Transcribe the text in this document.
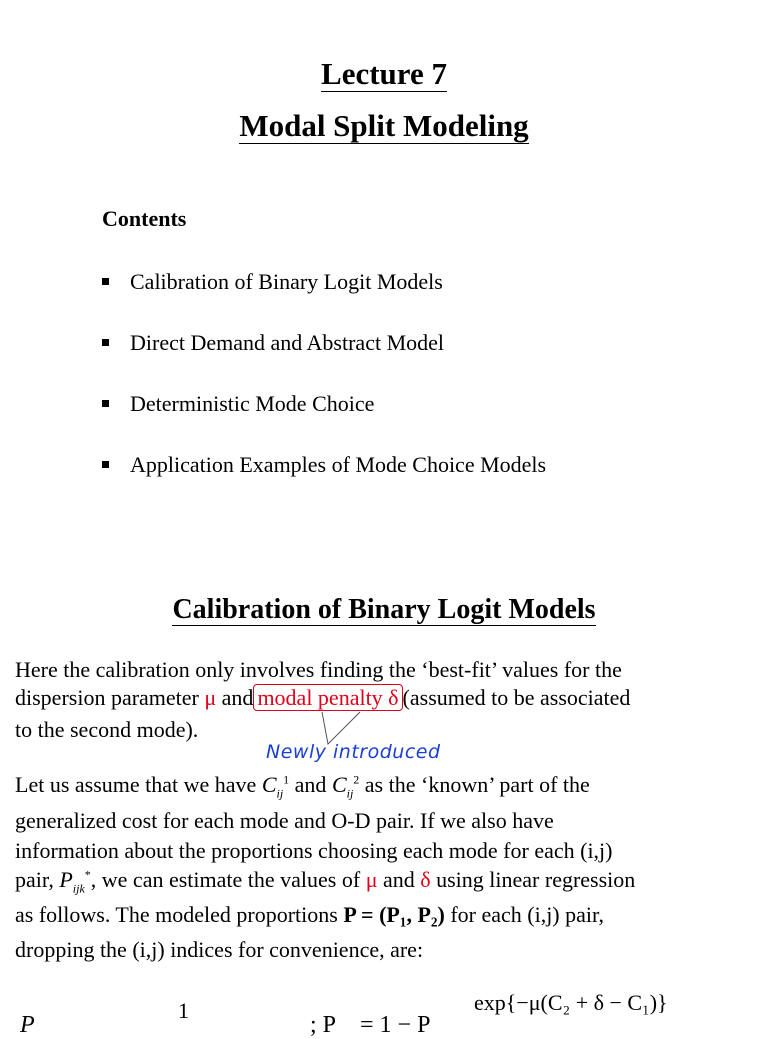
Lecture 7
Modal Split Modeling
Contents
Calibration of Binary Logit Models
Direct Demand and Abstract Model
Deterministic Mode Choice
Application Examples of Mode Choice Models
Calibration of Binary Logit Models
Here the calibration only involves finding the ‘best-fit’ values for the
dispersion parameter μ and modal penalty δ (assumed to be associated
to the second mode).
Newly introduced
Let us assume that we have $C_{ij}^1$ and $C_{ij}^2$ as the ‘known’ part of the
generalized cost for each mode and O-D pair. If we also have
information about the proportions choosing each mode for each (i,j)
pair, $P_{ijk}^*$, we can estimate the values of μ and δ using linear regression
as follows. The modeled proportions P = (P₁, P₂) for each (i,j) pair,
dropping the (i,j) indices for convenience, are:
1
P	; P = 1 − P
exp{−μ(C₂ + δ − C₁)}
